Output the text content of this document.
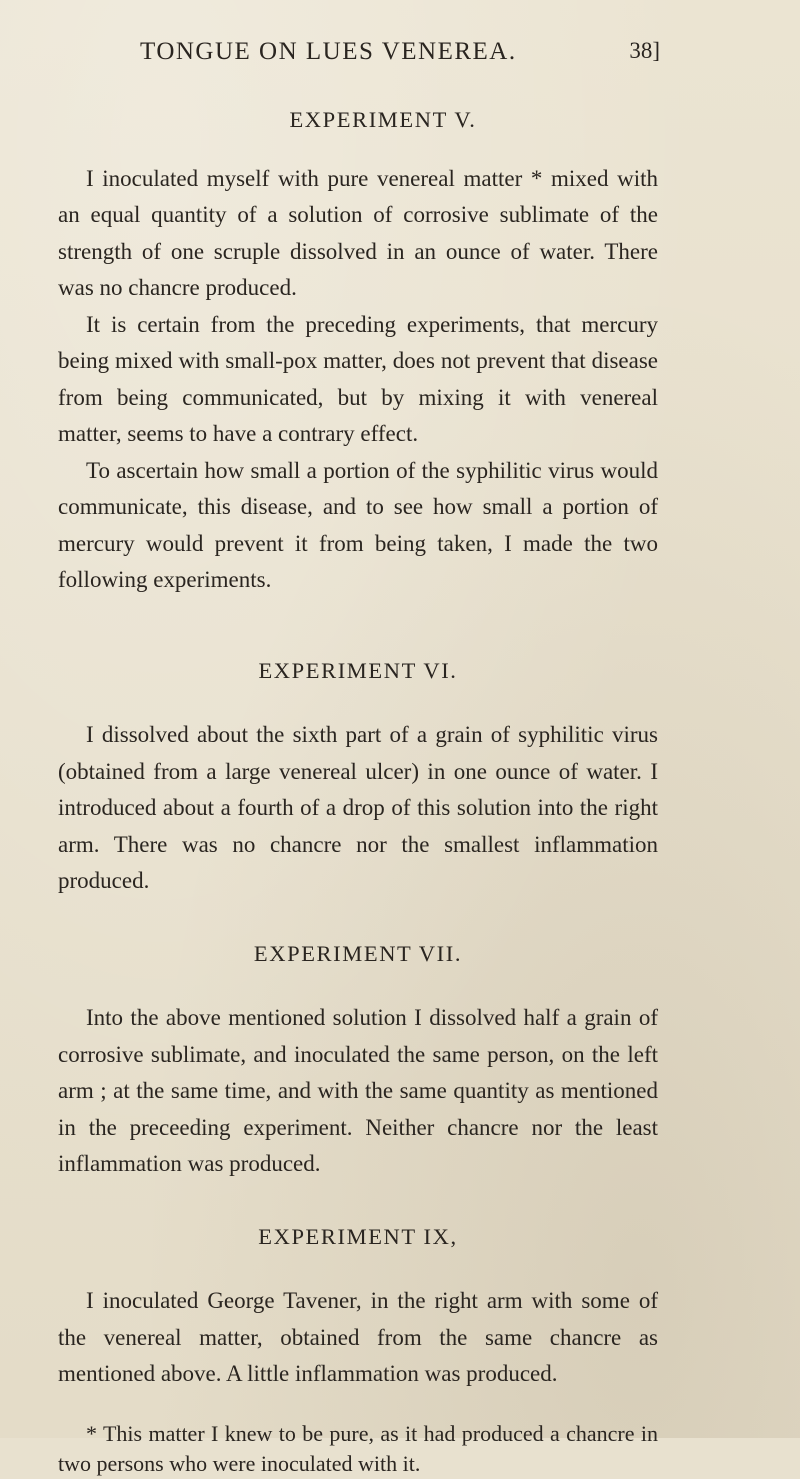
TONGUE ON LUES VENEREA.	38]
EXPERIMENT V.

I inoculated myself with pure venereal matter * mixed with an equal quantity of a solution of corrosive sublimate of the strength of one scruple dissolved in an ounce of water. There was no chancre produced.

It is certain from the preceding experiments, that mercury being mixed with small-pox matter, does not prevent that disease from being communicated, but by mixing it with venereal matter, seems to have a contrary effect.

To ascertain how small a portion of the syphilitic virus would communicate, this disease, and to see how small a portion of mercury would prevent it from being taken, I made the two following experiments.

EXPERIMENT VI.

I dissolved about the sixth part of a grain of syphilitic virus (obtained from a large venereal ulcer) in one ounce of water. I introduced about a fourth of a drop of this solution into the right arm. There was no chancre nor the smallest inflammation produced.

EXPERIMENT VII.

Into the above mentioned solution I dissolved half a grain of corrosive sublimate, and inoculated the same person, on the left arm ; at the same time, and with the same quantity as mentioned in the preceeding experiment. Neither chancre nor the least inflammation was produced.

EXPERIMENT IX,

I inoculated George Tavener, in the right arm with some of the venereal matter, obtained from the same chancre as mentioned above. A little inflammation was produced.

* This matter I knew to be pure, as it had produced a chancre in two persons who were inoculated with it.
